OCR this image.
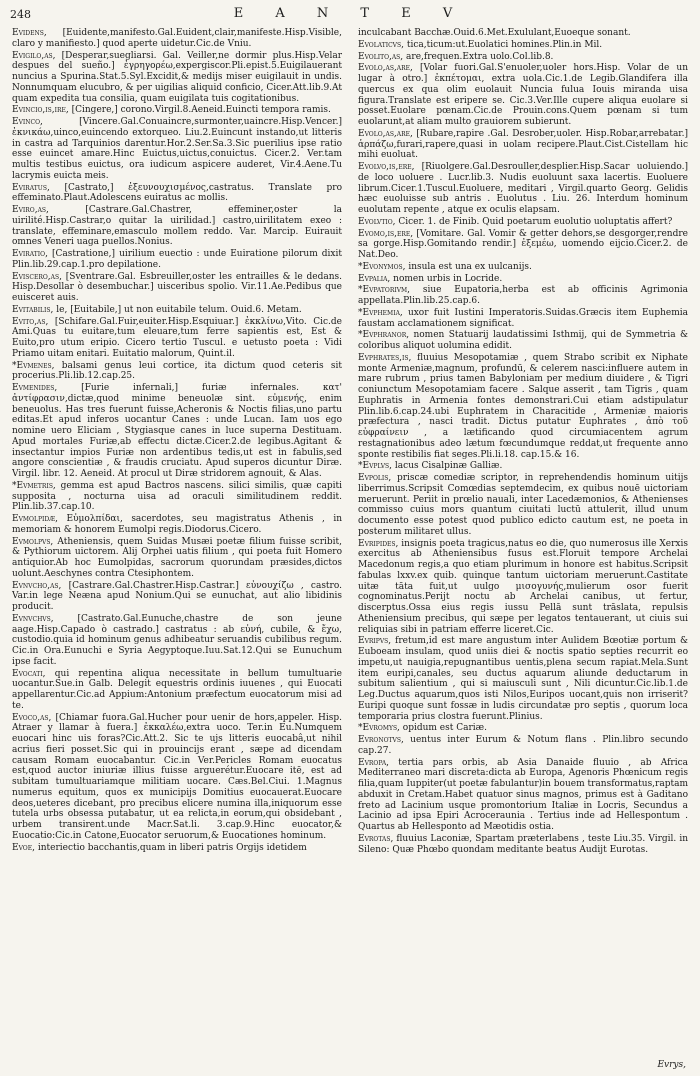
248	E A N T E V

Evidens, [Euidente,manifesto.Gal.Euident,clair,manifeste.Hisp.Visible, claro y manifiesto.] quod aperte uidetur.Cic.de Vniu.

Evigilo,as, [Desperar,suegliarsi. Gal. Veiller,ne dormir plus.Hisp.Velar despues del sueño.] ἐγρηγορέω,expergiscor.Pli.epist.5.Euigilauerant nuncius a Spurina.Stat.5.Syl.Excidit,& medijs miser euigilauit in undis. Nonnumquam elucubro, & per uigilias aliquid conficio, Cicer.Att.lib.9.At quam expedita tua consilia, quam euigilata tuis cogitationibus.

Evincio,is,ire, [Cingere,] corono.Virgil.8.Aeneid.Euincti tempora ramis.

Evinco,	[Vincere.Gal.Conuaincre,surmonter,uaincre.Hisp.Vencer.] ἐκνικάω,uinco,euincendo extorqueo. Liu.2.Euincunt instando,ut litteris in castra ad Tarquinios darentur.Hor.2.Ser.Sa.3.Sic puerilius ipse ratio esse euincet amare.Hinc Euictus,uictus,conuictus. Cicer.2. Ver.tam multis testibus euictus, ora iudicum aspicere auderet, Vir.4.Aene.Tu lacrymis euicta meis.

Eviratus, [Castrato,] ἐξευνουχισμένος,castratus. Translate pro effeminato.Plaut.Adolescens euiratus ac mollis.

Eviro,as,	[Castrare.Gal.Chastrer, effeminer,oster la uirilité.Hisp.Castrar,o quitar la uirilidad.] castro,uirilitatem exeo : translate, effeminare,emasculo mollem reddo. Var. Marcip. Euirauit omnes Veneri uaga puellos.Nonius.

Eviratio, [Castratione,] uirilium euectio : unde Euiratione pilorum dixit Plin.lib.29.cap.1.pro depilatione.

Eviscero,as, [Sventrare.Gal. Esbreuiller,oster les entrailles & le dedans. Hisp.Desollar ò desembuchar.] uisceribus spolio. Vir.11.Ae.Pedibus que euisceret auis.

Evitabilis, le, [Euitabile,] ut non euitabile telum. Ouid.6. Metam.

Evito,as, [Schifare.Gal.Fuir,euiter.Hisp.Esquiuar.] ἐκκλίνω,Vito. Cic.de Ami.Quas tu euitare,tum eleuare,tum ferre sapientis est, Est & Euito,pro utum eripio. Cicero tertio Tuscul. e uetusto poeta : Vidi Priamo uitam enitari. Euitatio malorum, Quint.il.

*Evmenes, balsami genus leui cortice, ita dictum quod ceteris sit procerius.Pli.lib.12.cap.25.

Evmenides,	[Furie infernali,] furiæ infernales. κατ' ἀντίφρασιν,dictæ,quod minime beneuolæ sint. εὐμενής, enim beneuolus. Has tres fuerunt fuisse,Acheronis & Noctis filias,uno partu editas.Et apud inferos uocantur Canes : unde Lucan. Iam uos ego nomine uero Eliciam , Stygiasque canes in luce superna Destituam. Apud mortales Furiæ,ab effectu dictæ.Cicer.2.de legibus.Agitant & insectantur impios Furiæ non ardentibus tedis,ut est in fabulis,sed angore conscientiæ , & fraudis cruciatu. Apud superos dicuntur Diræ. Virgil. libr. 12. Aeneid. At procul ut Diræ stridorem agnouit, & Alas.

*Evmetris, gemma est apud Bactros nascens. silici similis, quæ capiti supposita , nocturna uisa ad oraculi similitudinem reddit. Plin.lib.37.cap.10.

Evmolpidæ, Εὐμολπίδαι, sacerdotes, seu magistratus Athenis , in memoriam & honorem Eumolpi regis.Diodorus.Cicero.

Evmolpvs, Atheniensis, quem Suidas Musæi poetæ filium fuisse scribit, & Pythiorum uictorem. Alij Orphei uatis filium , qui poeta fuit Homero antiquior.Ab hoc Eumolpidas, sacrorum quorundam præsides,dictos uolunt.Aeschynes contra Ctesiphontem.

Evnvcho,as, [Castrare.Gal.Chastrer.Hisp.Castrar.] εὐνουχίζω , castro. Var.in lege Neæna apud Nonium.Qui se eunuchat, aut alio libidinis producit.

Evnvchvs,	[Castrato.Gal.Eunuche,chastre de son jeune aage.Hisp.Capado ò castrado.] castratus : ab εὐνή, cubile, & ἔχω, custodio.quia id hominum genus adhibeatur seruandis cubilibus regum. Cic.in Ora.Eunuchi e Syria Aegyptoque.Iuu.Sat.12.Qui se Eunuchum ipse facit.

Evocati, qui repentina aliqua necessitate in bellum tumultuarie uocantur.Sue.in Galb. Delegit equestris ordinis iuuenes , qui Euocati appellarentur.Cic.ad Appium:Antonium præfectum euocatorum misi ad te.

Evoco,as, [Chiamar fuora.Gal.Hucher pour uenir de hors,appeler. Hisp. Atraer y llamar à fuera.] ἐκκαλέω,extra uoco. Ter.in Eu.Numquem euocari hinc uis foras?Cic.Att.2. Sic te ujs litteris euocabâ,ut nihil acrius fieri posset.Sic qui in prouincijs erant , sæpe ad dicendam causam Romam euocabantur. Cic.in Ver.Pericles Romam euocatus est,quod auctor iniuriæ illius fuisse arguerétur.Euocare itē, est ad subitam tumultuariamque militiam uocare. Cæs.Bel.Ciui. 1.Magnus numerus equitum, quos ex municipijs Domitius euocauerat.Euocare deos,ueteres dicebant, pro precibus elicere numina illa,iniquorum esse tutela urbs obsessa putabatur, ut ea relicta,in eorum,qui obsidebant , urbem transirent.unde Macr.Sat.li. 3.cap.9.Hinc euocator,& Euocatio:Cic.in Catone,Euocator seruorum,& Euocationes hominum.

Evoe, interiectio bacchantis,quam in liberi patris Orgijs idetidem

inculcabant Bacchæ.Ouid.6.Met.Exululant,Euoeque sonant.

Evolaticvs, tica,ticum:ut.Euolatici homines.Plin.in Mil.

Evolito,as, are,frequen.Extra uolo.Col.lib.8.

Evolo,as,are, [Volar fuori.Gal.S'enuoler,uoler hors.Hisp. Volar de un lugar à otro.] ἐκπέτομαι, extra uola.Cic.1.de Legib.Glandifera illa quercus ex qua olim euolauit Nuncia fulua Iouis miranda uisa figura.Translate est eripere se. Cic.3.Ver.Ille cupere aliqua euolare si posset.Euolare pœnam.Cic.de Prouin.cons.Quem pœnam si tum euolarunt,at aliam multo grauiorem subierunt.

Evolo,as,are, [Rubare,rapire .Gal. Desrober,uoler. Hisp.Robar,arrebatar.] ἁρπάζω,furari,rapere,quasi in uolam recipere.Plaut.Cist.Cistellam hic mihi euoluat.

Evolvo,is,ere, [Riuolgere.Gal.Desrouller,desplier.Hisp.Sacar uoluiendo.] de loco uoluere . Lucr.lib.3. Nudis euoluunt saxa lacertis. Euoluere librum.Cicer.1.Tuscul.Euoluere, meditari , Virgil.quarto Georg. Gelidis hæc euoluisse sub antris . Euolutus . Liu. 26. Interdum hominum euolutam repente , atque ex oculis elapsam.

Evolvtio, Cicer. 1. de Finib. Quid poetarum euolutio uoluptatis affert?

Evomo,is,ere, [Vomitare. Gal. Vomir & getter dehors,se desgorger,rendre sa gorge.Hisp.Gomitando rendir.] ἐξεμέω, uomendo eijcio.Cicer.2. de Nat.Deo.

*Evonymos, insula est una ex uulcanijs.

Evpalia, nomen urbis in Locride.

*Evpatorivm, siue Eupatoria,herba est ab officinis Agrimonia appellata.Plin.lib.25.cap.6.

*Evphemia, uxor fuit Iustini Imperatoris.Suidas.Græcis item Euphemia faustam acclamationem significat.

*Evphranor, nomen Statuarij laudatissimi Isthmij, qui de Symmetria & coloribus aliquot uolumina edidit.

Evphrates,is, fluuius Mesopotamiæ , quem Strabo scribit ex Niphate monte Armeniæ,magnum, profundū, & celerem nasci:influere autem in mare rubrum , prius tamen Babyloniam per medium diuidere , & Tigri coniunctum Mesopotamiam facere . Salque asserit , tam Tigris , quam Euphratis in Armenia fontes demonstrari.Cui etiam adstipulatur Plin.lib.6.cap.24.ubi Euphratem in Characitide , Armeniæ maioris præfectura , nasci tradit. Dictus putatur Euphrates , ἀπὸ τοῦ εὐφραίνειν , a lætificando quod circumiacentem agrum restagnationibus adeo lætum fœcundumque reddat,ut frequente anno sponte restibilis fiat seges.Pli.li.18. cap.15.& 16.

*Evplvs, lacus Cisalpinæ Galliæ.

Evpolis, priscæ comediæ scriptor, in reprehendendis hominum uitijs liberrimus.Scripsit Comœdias septemdecim, ex quibus nouē uictoriam meruerunt. Periit in prœlio nauali, inter Lacedæmonios, & Athenienses commisso cuius mors quantum ciuitati luctū attulerit, illud unum documento esse potest quod publico edicto cautum est, ne poeta in posterum militaret ullus.

Evripides, insignis poeta tragicus,natus eo die, quo numerosus ille Xerxis exercitus ab Atheniensibus fusus est.Floruit tempore Archelai Macedonum regis,a quo etiam plurimum in honore est habitus.Scripsit fabulas lxxv.ex quib. quinque tantum uictoriam meruerunt.Castitate uitæ tāta fuit,ut uulgo μισογυνής,mulierum osor fuerit cognominatus.Perijt noctu ab Archelai canibus, ut fertur, discerptus.Ossa eius regis iussu Pellā sunt trāslata, repulsis Atheniensium precibus, qui sæpe per legatos tentauerant, ut ciuis sui reliquias sibi in patriam efferre liceret.Cic.

Evripvs, fretum,id est mare angustum inter Aulidem Bœotiæ portum & Euboeam insulam, quod uniis diei & noctis spatio septies recurrit eo impetu,ut nauigia,repugnantibus uentis,plena secum rapiat.Mela.Sunt item euripi,canales, seu ductus aquarum aliunde deductarum in subitum salientium , qui si maiusculi sunt , Nili dicuntur.Cic.lib.1.de Leg.Ductus aquarum,quos isti Nilos,Euripos uocant,quis non irriserit? Euripi quoque sunt fossæ in ludis circundatæ pro septis , quorum loca temporaria prius clostra fuerunt.Plinius.

*Evromys, opidum est Cariæ.

Evronotvs, uentus inter Eurum & Notum flans . Plin.libro secundo cap.27.

Evropa, tertia pars orbis, ab Asia Danaide fluuio , ab Africa Mediterraneo mari discreta:dicta ab Europa, Agenoris Phœnicum regis filia,quam Iuppiter(ut poetæ fabulantur)in bouem transformatus,raptam abduxit in Cretam.Habet quatuor sinus magnos, primus est à Gaditano freto ad Lacinium usque promontorium Italiæ in Locris, Secundus a Lacinio ad ipsa Epiri Acroceraunia . Tertius inde ad Hellespontum . Quartus ab Hellesponto ad Mæotidis ostia.

Evrotas, fluuius Laconiæ, Spartam præterlabens , teste Liu.35. Virgil. in Sileno: Quæ Phœbo quondam meditante beatus Audijt Eurotas.

Evrys,
